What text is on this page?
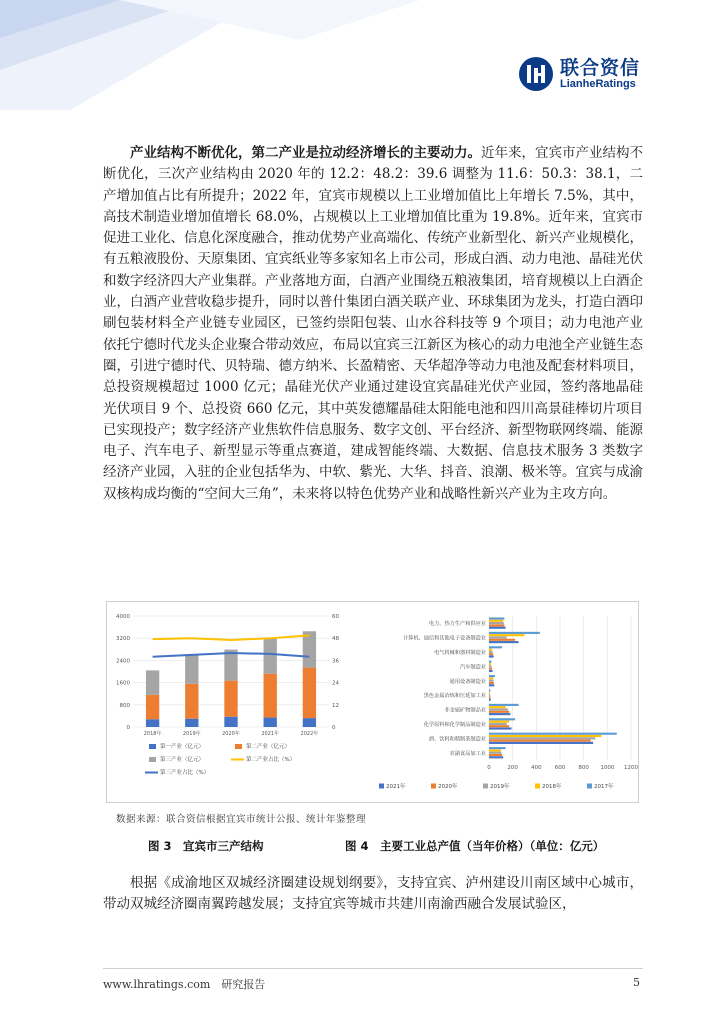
联合资信
LianheRatings

产业结构不断优化，第二产业是拉动经济增长的主要动力。近年来，宜宾市产业结构不断优化，三次产业结构由 2020 年的 12.2：48.2：39.6 调整为 11.6：50.3：38.1，二产增加值占比有所提升；2022 年，宜宾市规模以上工业增加值比上年增长 7.5%，其中，高技术制造业增加值增长 68.0%，占规模以上工业增加值比重为 19.8%。近年来，宜宾市促进工业化、信息化深度融合，推动优势产业高端化、传统产业新型化、新兴产业规模化，有五粮液股份、天原集团、宜宾纸业等多家知名上市公司，形成白酒、动力电池、晶硅光伏和数字经济四大产业集群。产业落地方面，白酒产业围绕五粮液集团，培育规模以上白酒企业，白酒产业营收稳步提升，同时以普什集团白酒关联产业、环球集团为龙头，打造白酒印刷包装材料全产业链专业园区，已签约崇阳包装、山水谷科技等 9 个项目；动力电池产业依托宁德时代龙头企业聚合带动效应，布局以宜宾三江新区为核心的动力电池全产业链生态圈，引进宁德时代、贝特瑞、德方纳米、长盈精密、天华超净等动力电池及配套材料项目，总投资规模超过 1000 亿元；晶硅光伏产业通过建设宜宾晶硅光伏产业园，签约落地晶硅光伏项目 9 个、总投资 660 亿元，其中英发德耀晶硅太阳能电池和四川高景硅棒切片项目已实现投产；数字经济产业焦软件信息服务、数字文创、平台经济、新型物联网终端、能源电子、汽车电子、新型显示等重点赛道，建成智能终端、大数据、信息技术服务 3 类数字经济产业园，入驻的企业包括华为、中软、紫光、大华、抖音、浪潮、极米等。宜宾与成渝双核构成均衡的“空间大三角”，未来将以特色优势产业和战略性新兴产业为主攻方向。

0
800
1600
2400
3200
4000
0
12
24
36
48
60
2018年	2019年	2020年	2021年	2022年
第一产业（亿元）	第二产业（亿元）
第三产业（亿元）	第二产业占比（%）
第三产业占比（%）
0	200 400 600 800 1000 1200
电力、热力生产和供应业
计算机、通信和其他电子设备制造业
电气机械和器材制造业
汽车制造业
通用设备制造业
黑色金属冶炼和压延加工业
非金属矿物制品业
化学原料和化学制品制造业
酒、饮料和精制茶制造业
农副食品加工业
2021年	2020年	2019年	2018年	2017年
数据来源：联合资信根据宜宾市统计公报、统计年鉴整理
图 3　宜宾市三产结构	图 4　主要工业总产值（当年价格）（单位：亿元）

根据《成渝地区双城经济圈建设规划纲要》，支持宜宾、泸州建设川南区域中心城市，带动双城经济圈南翼跨越发展；支持宜宾等城市共建川南渝西融合发展试验区，

www.lhratings.com　研究报告	5
